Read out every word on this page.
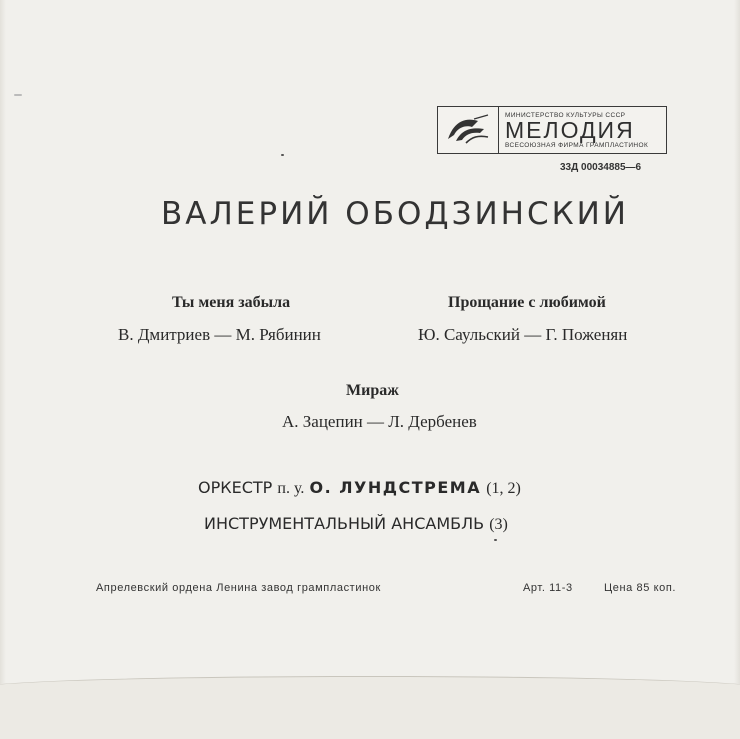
МИНИСТЕРСТВО КУЛЬТУРЫ СССР
МЕЛОДИЯ
ВСЕСОЮЗНАЯ ФИРМА ГРАМПЛАСТИНОК
33Д 00034885—6
ВАЛЕРИЙ ОБОДЗИНСКИЙ
Ты меня забыла
В. Дмитриев — М. Рябинин
Прощание с любимой
Ю. Саульский — Г. Поженян
Мираж
А. Зацепин — Л. Дербенев
ОРКЕСТР п. у. О. ЛУНДСТРЕМА (1, 2)
ИНСТРУМЕНТАЛЬНЫЙ АНСАМБЛЬ (3)
Апрелевский ордена Ленина завод грампластинок	Арт. 11-3	Цена 85 коп.
